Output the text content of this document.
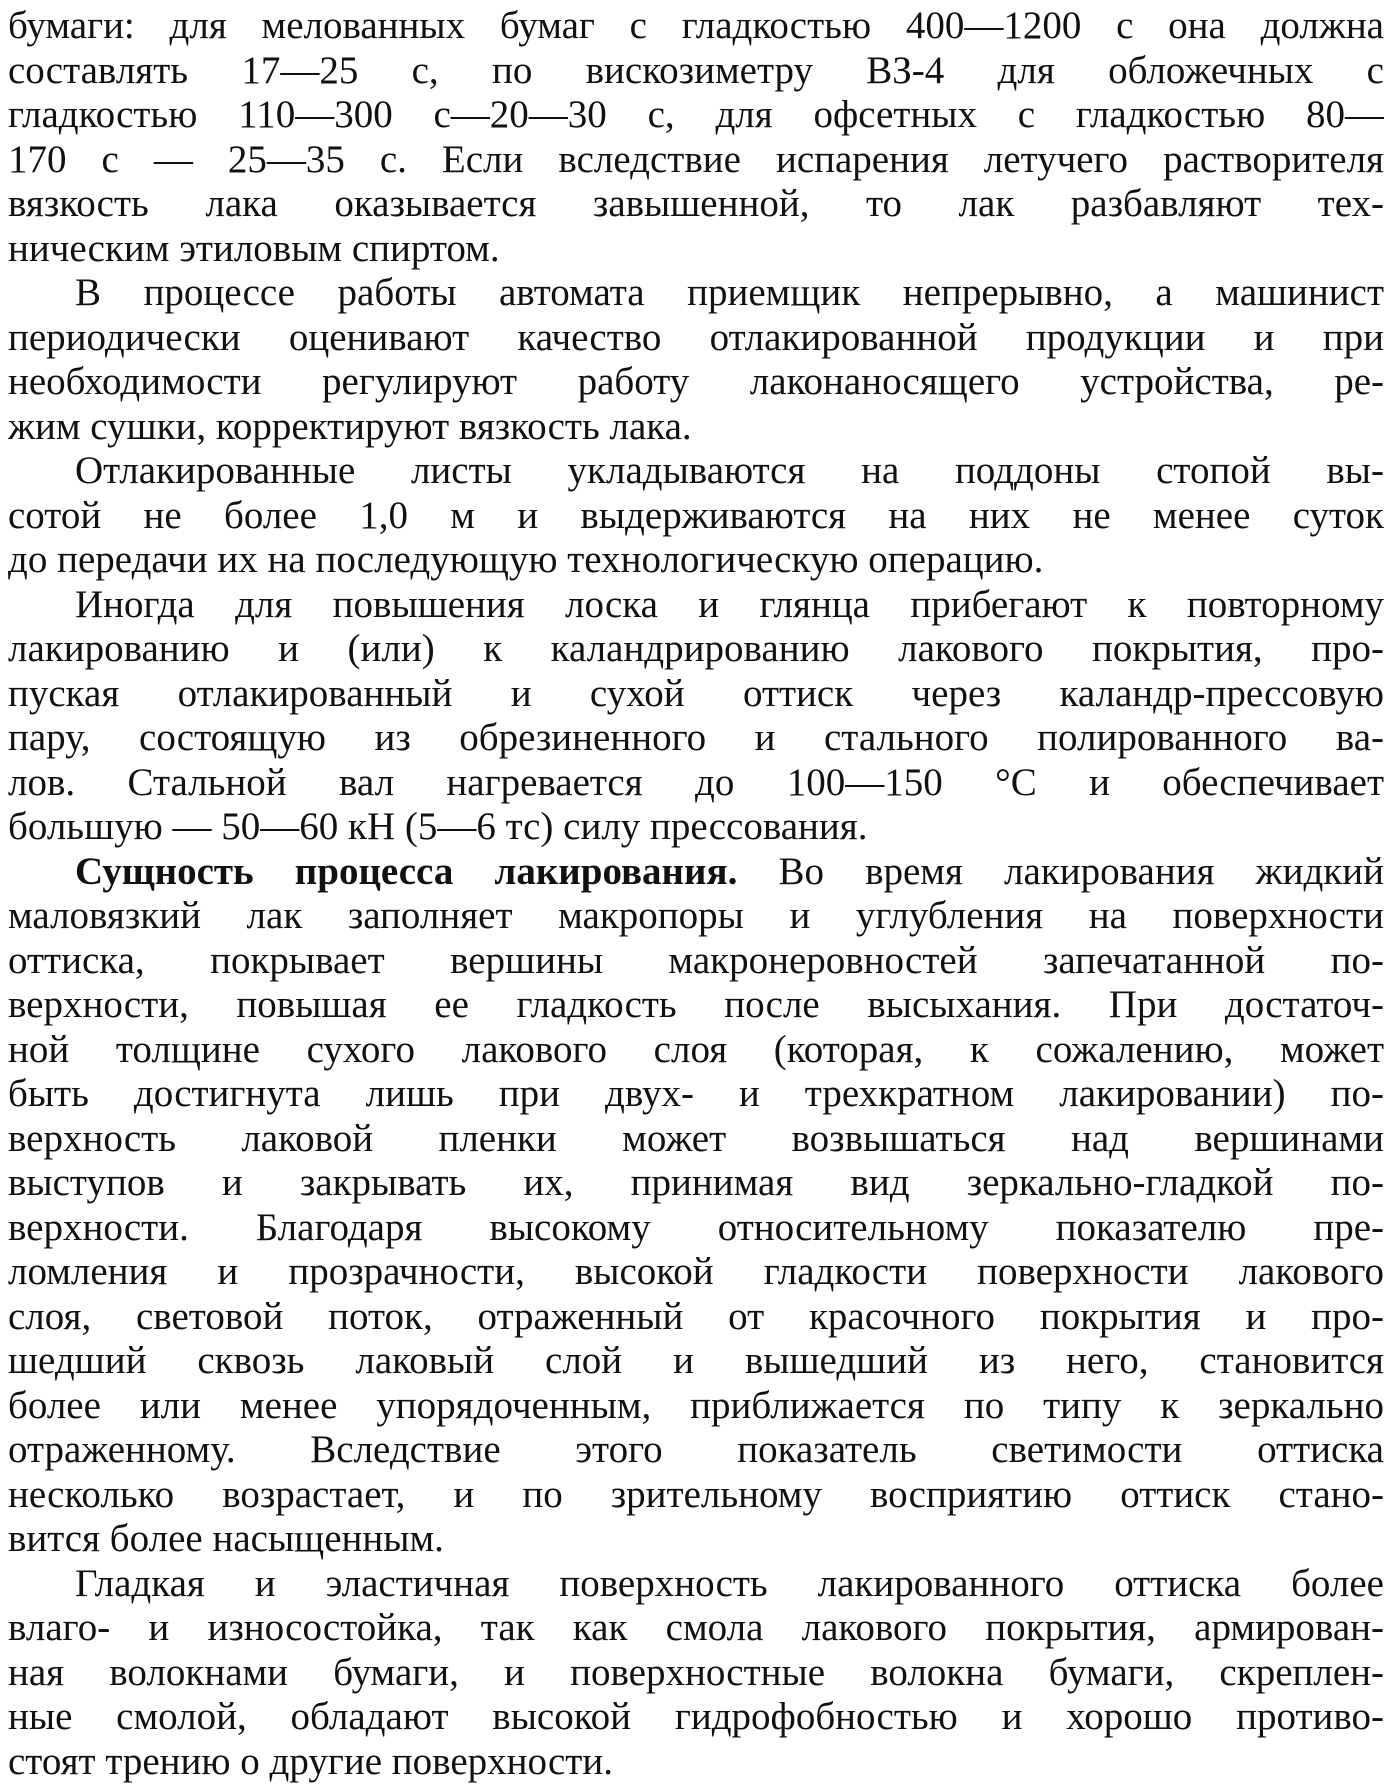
бумаги: для мелованных бумаг с гладкостью 400—1200 с она должна
составлять 17—25 с, по вискозиметру ВЗ-4 для обложечных с
гладкостью 110—300 с—20—30 с, для офсетных с гладкостью 80—
170 с — 25—35 с. Если вследствие испарения летучего растворителя
вязкость лака оказывается завышенной, то лак разбавляют тех-
ническим этиловым спиртом.
В процессе работы автомата приемщик непрерывно, а машинист
периодически оценивают качество отлакированной продукции и при
необходимости регулируют работу лаконаносящего устройства, ре-
жим сушки, корректируют вязкость лака.
Отлакированные листы укладываются на поддоны стопой вы-
сотой не более 1,0 м и выдерживаются на них не менее суток
до передачи их на последующую технологическую операцию.
Иногда для повышения лоска и глянца прибегают к повторному
лакированию и (или) к каландрированию лакового покрытия, про-
пуская отлакированный и сухой оттиск через каландр-прессовую
пару, состоящую из обрезиненного и стального полированного ва-
лов. Стальной вал нагревается до 100—150 °С и обеспечивает
большую — 50—60 кН (5—6 тс) силу прессования.
Сущность процесса лакирования. Во время лакирования жидкий
маловязкий лак заполняет макропоры и углубления на поверхности
оттиска, покрывает вершины макронеровностей запечатанной по-
верхности, повышая ее гладкость после высыхания. При достаточ-
ной толщине сухого лакового слоя (которая, к сожалению, может
быть достигнута лишь при двух- и трехкратном лакировании) по-
верхность лаковой пленки может возвышаться над вершинами
выступов и закрывать их, принимая вид зеркально-гладкой по-
верхности. Благодаря высокому относительному показателю пре-
ломления и прозрачности, высокой гладкости поверхности лакового
слоя, световой поток, отраженный от красочного покрытия и про-
шедший сквозь лаковый слой и вышедший из него, становится
более или менее упорядоченным, приближается по типу к зеркально
отраженному. Вследствие этого показатель светимости оттиска
несколько возрастает, и по зрительному восприятию оттиск стано-
вится более насыщенным.
Гладкая и эластичная поверхность лакированного оттиска более
влаго- и износостойка, так как смола лакового покрытия, армирован-
ная волокнами бумаги, и поверхностные волокна бумаги, скреплен-
ные смолой, обладают высокой гидрофобностью и хорошо противо-
стоят трению о другие поверхности.
